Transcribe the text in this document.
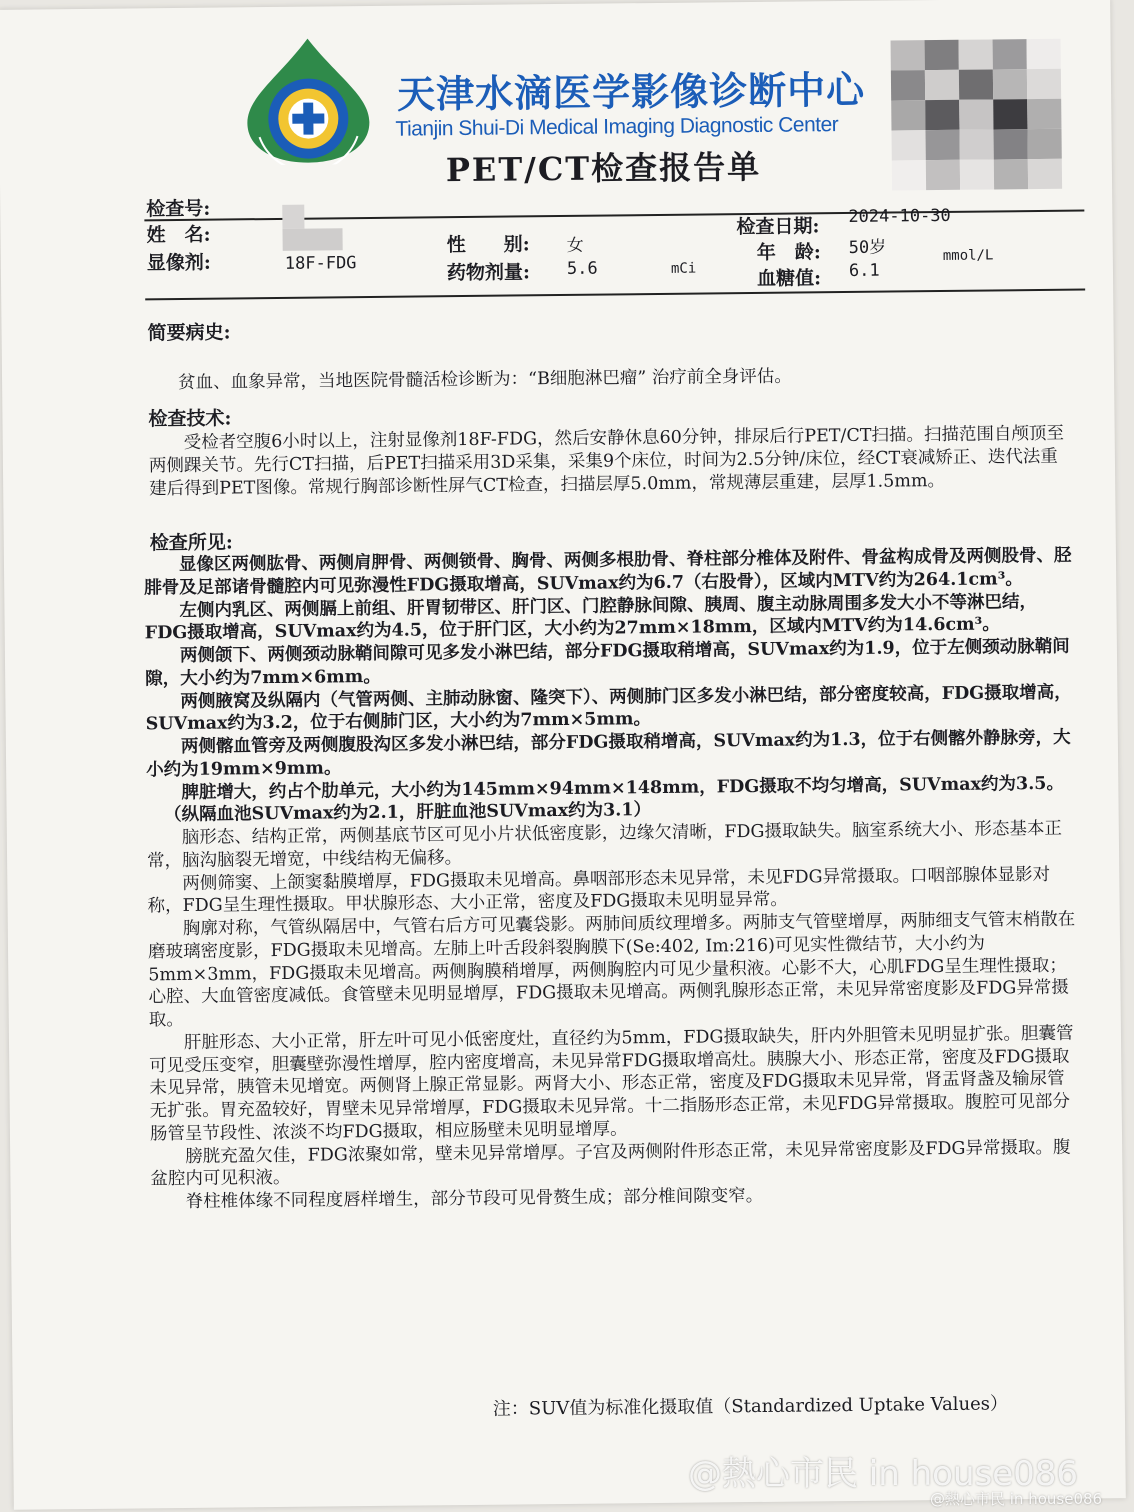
天津水滴医学影像诊断中心
Tianjin Shui-Di Medical Imaging Diagnostic Center
PET/CT检查报告单
检查号:
姓　名:
显像剂:	18F-FDG
性　　别: 女
药物剂量: 5.6	mCi
检查日期: 2024-10-30
年　龄: 50岁
血糖值: 6.1
mmol/L
简要病史:
贫血、血象异常，当地医院骨髓活检诊断为：“B细胞淋巴瘤” 治疗前全身评估。
检查技术:

受检者空腹6小时以上，注射显像剂18F-FDG，然后安静休息60分钟，排尿后行PET/CT扫描。扫描范围自颅顶至两侧踝关节。先行CT扫描，后PET扫描采用3D采集，采集9个床位，时间为2.5分钟/床位，经CT衰减矫正、迭代法重建后得到PET图像。常规行胸部诊断性屏气CT检查，扫描层厚5.0mm，常规薄层重建，层厚1.5mm。

检查所见:

显像区两侧肱骨、两侧肩胛骨、两侧锁骨、胸骨、两侧多根肋骨、脊柱部分椎体及附件、骨盆构成骨及两侧股骨、胫腓骨及足部诸骨髓腔内可见弥漫性FDG摄取增高，SUVmax约为6.7（右股骨），区域内MTV约为264.1cm³。

左侧内乳区、两侧膈上前组、肝胃韧带区、肝门区、门腔静脉间隙、胰周、腹主动脉周围多发大小不等淋巴结，FDG摄取增高，SUVmax约为4.5，位于肝门区，大小约为27mm×18mm，区域内MTV约为14.6cm³。

两侧颌下、两侧颈动脉鞘间隙可见多发小淋巴结，部分FDG摄取稍增高，SUVmax约为1.9，位于左侧颈动脉鞘间隙，大小约为7mm×6mm。

两侧腋窝及纵隔内（气管两侧、主肺动脉窗、隆突下）、两侧肺门区多发小淋巴结，部分密度较高，FDG摄取增高，SUVmax约为3.2，位于右侧肺门区，大小约为7mm×5mm。

两侧髂血管旁及两侧腹股沟区多发小淋巴结，部分FDG摄取稍增高，SUVmax约为1.3，位于右侧髂外静脉旁，大小约为19mm×9mm。

脾脏增大，约占个肋单元，大小约为145mm×94mm×148mm，FDG摄取不均匀增高，SUVmax约为3.5。

（纵隔血池SUVmax约为2.1，肝脏血池SUVmax约为3.1）

脑形态、结构正常，两侧基底节区可见小片状低密度影，边缘欠清晰，FDG摄取缺失。脑室系统大小、形态基本正常，脑沟脑裂无增宽，中线结构无偏移。

两侧筛窦、上颌窦黏膜增厚，FDG摄取未见增高。鼻咽部形态未见异常，未见FDG异常摄取。口咽部腺体显影对称，FDG呈生理性摄取。甲状腺形态、大小正常，密度及FDG摄取未见明显异常。

胸廓对称，气管纵隔居中，气管右后方可见囊袋影。两肺间质纹理增多。两肺支气管壁增厚，两肺细支气管末梢散在磨玻璃密度影，FDG摄取未见增高。左肺上叶舌段斜裂胸膜下(Se:402, Im:216)可见实性微结节，大小约为5mm×3mm，FDG摄取未见增高。两侧胸膜稍增厚，两侧胸腔内可见少量积液。心影不大，心肌FDG呈生理性摄取；心腔、大血管密度减低。食管壁未见明显增厚，FDG摄取未见增高。两侧乳腺形态正常，未见异常密度影及FDG异常摄取。

肝脏形态、大小正常，肝左叶可见小低密度灶，直径约为5mm，FDG摄取缺失，肝内外胆管未见明显扩张。胆囊管可见受压变窄，胆囊壁弥漫性增厚，腔内密度增高，未见异常FDG摄取增高灶。胰腺大小、形态正常，密度及FDG摄取未见异常，胰管未见增宽。两侧肾上腺正常显影。两肾大小、形态正常，密度及FDG摄取未见异常，肾盂肾盏及输尿管无扩张。胃充盈较好，胃壁未见异常增厚，FDG摄取未见异常。十二指肠形态正常，未见FDG异常摄取。腹腔可见部分肠管呈节段性、浓淡不均FDG摄取，相应肠壁未见明显增厚。

膀胱充盈欠佳，FDG浓聚如常，壁未见异常增厚。子宫及两侧附件形态正常，未见异常密度影及FDG异常摄取。腹盆腔内可见积液。

脊柱椎体缘不同程度唇样增生，部分节段可见骨赘生成；部分椎间隙变窄。

注：SUV值为标准化摄取值（Standardized Uptake Values）
@熱心市民 in house086
@熱心市民 in house086
